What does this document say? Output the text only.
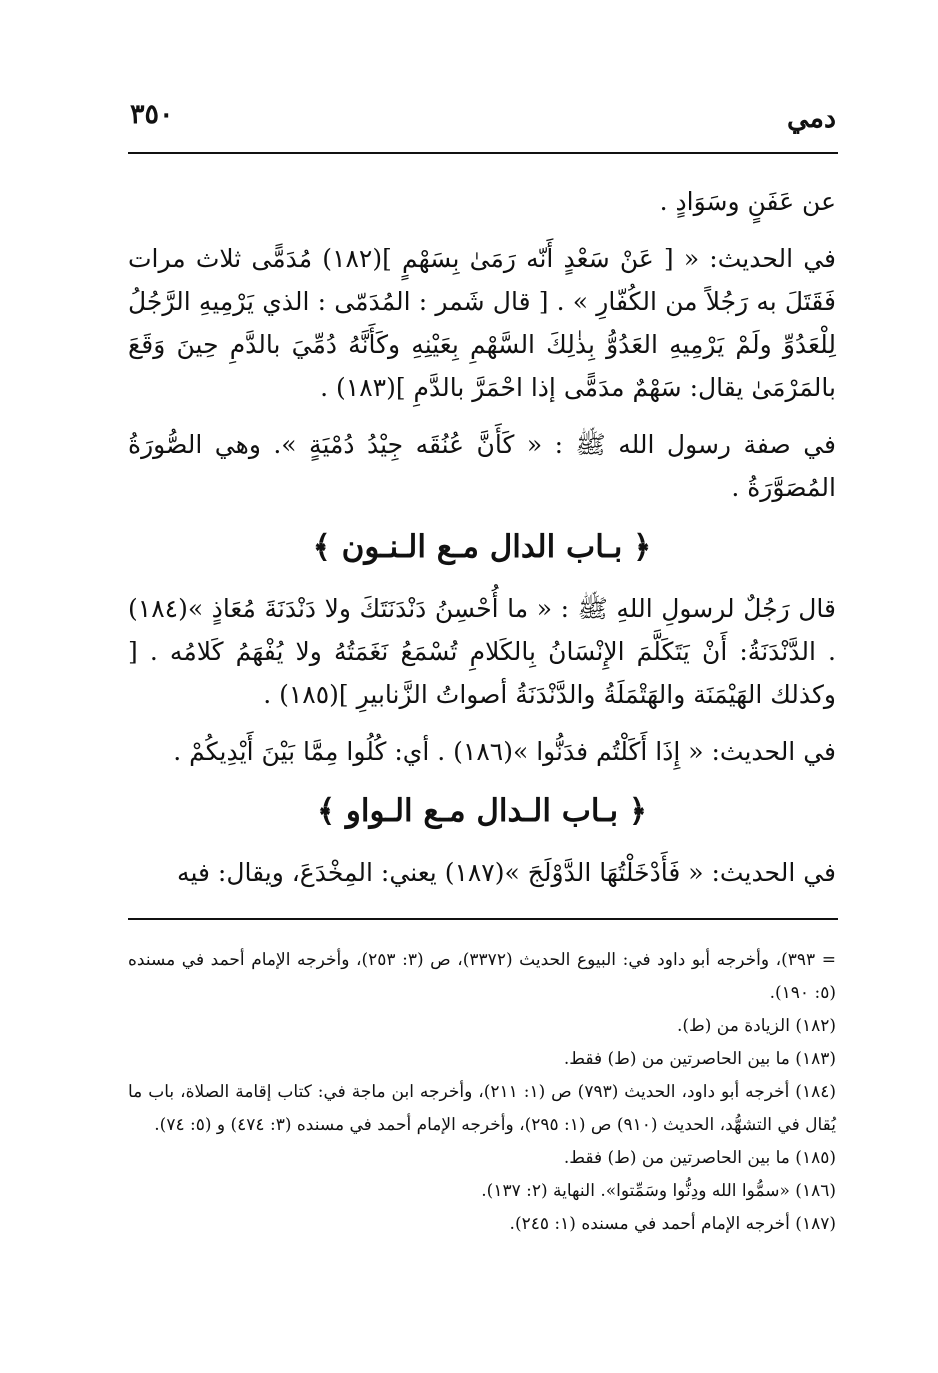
٣٥٠	دمي

عن عَفَنٍ وسَوَادٍ .

في الحديث: « [ عَنْ سَعْدٍ أَنّه رَمَىٰ بِسَهْمٍ ](١٨٢) مُدَمًّى ثلاث مرات فَقَتَلَ به رَجُلاً من الكُفّارِ » . [ قال شَمر : المُدَمّى : الذي يَرْمِيهِ الرَّجُلُ لِلْعَدُوِّ ولَمْ يَرْمِيهِ العَدُوُّ بِذٰلِكَ السَّهْمِ بِعَيْنِهِ وكَأَنَّهُ دُمِّيَ بالدَّمِ حِينَ وَقَعَ بالمَرْمَىٰ يقال: سَهْمٌ مدَمًّى إذا احْمَرَّ بالدَّمِ ](١٨٣) .

في صفة رسول الله ﷺ : « كَأَنَّ عُنُقَه جِيْدُ دُمْيَةٍ ». وهي الصُّورَةُ المُصَوَّرَةُ .

﴿ بـاب الدال مـع الـنـون ﴾

قال رَجُلٌ لرسولِ اللهِ ﷺ : « ما أُحْسِنُ دَنْدَنَتَكَ ولا دَنْدَنَةَ مُعَاذٍ »(١٨٤) . الدَّنْدَنَةُ: أَنْ يَتَكَلَّمَ الإِنْسَانُ بِالكَلامِ تُسْمَعُ نَغَمَتُهُ ولا يُفْهَمُ كَلامُه . [ وكذلك الهَيْمَنَة والهَتْمَلَةُ والدَّنْدَنَةُ أصواتُ الزَّنابيرِ ](١٨٥) .

في الحديث: « إِذَا أَكَلْتُم فدَنُّوا »(١٨٦) . أي: كُلُوا مِمَّا بَيْنَ أَيْدِيكُمْ .

﴿ بـاب الـدال مـع الـواو ﴾

في الحديث: « فَأَدْخَلْتُهَا الدَّوْلَجَ »(١٨٧) يعني: المِخْدَعَ، ويقال: فيه

= ٣٩٣)، وأخرجه أبو داود في: البيوع الحديث (٣٣٧٢)، ص (٣: ٢٥٣)، وأخرجه الإمام أحمد في مسنده (٥: ١٩٠).

(١٨٢) الزيادة من (ط).

(١٨٣) ما بين الحاصرتين من (ط) فقط.

(١٨٤) أخرجه أبو داود، الحديث (٧٩٣) ص (١: ٢١١)، وأخرجه ابن ماجة في: كتاب إقامة الصلاة، باب ما يُقال في التشهُّد، الحديث (٩١٠) ص (١: ٢٩٥)، وأخرجه الإمام أحمد في مسنده (٣: ٤٧٤) و (٥: ٧٤).

(١٨٥) ما بين الحاصرتين من (ط) فقط.

(١٨٦) «سمُّوا الله ودِنُّوا وسَمِّتوا». النهاية (٢: ١٣٧).

(١٨٧) أخرجه الإمام أحمد في مسنده (١: ٢٤٥).
